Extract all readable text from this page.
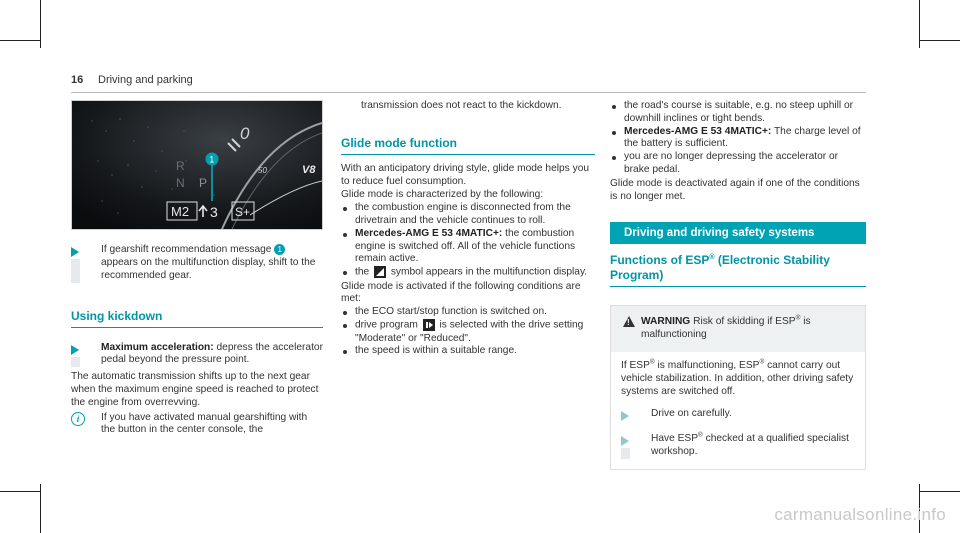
16 Driving and parking
0
50	V8
R
N P
1
M2 3 S+

If gearshift recommendation message 1 appears on the multifunction display, shift to the recommended gear.

Using kickdown

Maximum acceleration: depress the accelerator pedal beyond the pressure point.

The automatic transmission shifts up to the next gear when the maximum engine speed is reached to protect the engine from overrevving.

i	If you have activated manual gearshifting with the button in the center console, the

transmission does not react to the kickdown.

Glide mode function

With an anticipatory driving style, glide mode helps you to reduce fuel consumption.

Glide mode is characterized by the following:

the combustion engine is disconnected from the drivetrain and the vehicle continues to roll.
Mercedes-AMG E 53 4MATIC+: the combustion engine is switched off. All of the vehicle functions remain active.
the  symbol appears in the multifunction display.

Glide mode is activated if the following conditions are met:

the ECO start/stop function is switched on.
drive program  is selected with the drive setting "Moderate" or "Reduced".
the speed is within a suitable range.
the road's course is suitable, e.g. no steep uphill or downhill inclines or tight bends.
Mercedes-AMG E 53 4MATIC+: The charge level of the battery is sufficient.
you are no longer depressing the accelerator or brake pedal.

Glide mode is deactivated again if one of the conditions is no longer met.

Driving and driving safety systems
Functions of ESP® (Electronic Stability Program)
!

WARNING Risk of skidding if ESP® is malfunctioning

If ESP® is malfunctioning, ESP® cannot carry out vehicle stabilization. In addition, other driving safety systems are switched off.

Drive on carefully.

Have ESP® checked at a qualified specialist workshop.

carmanualsonline.info
